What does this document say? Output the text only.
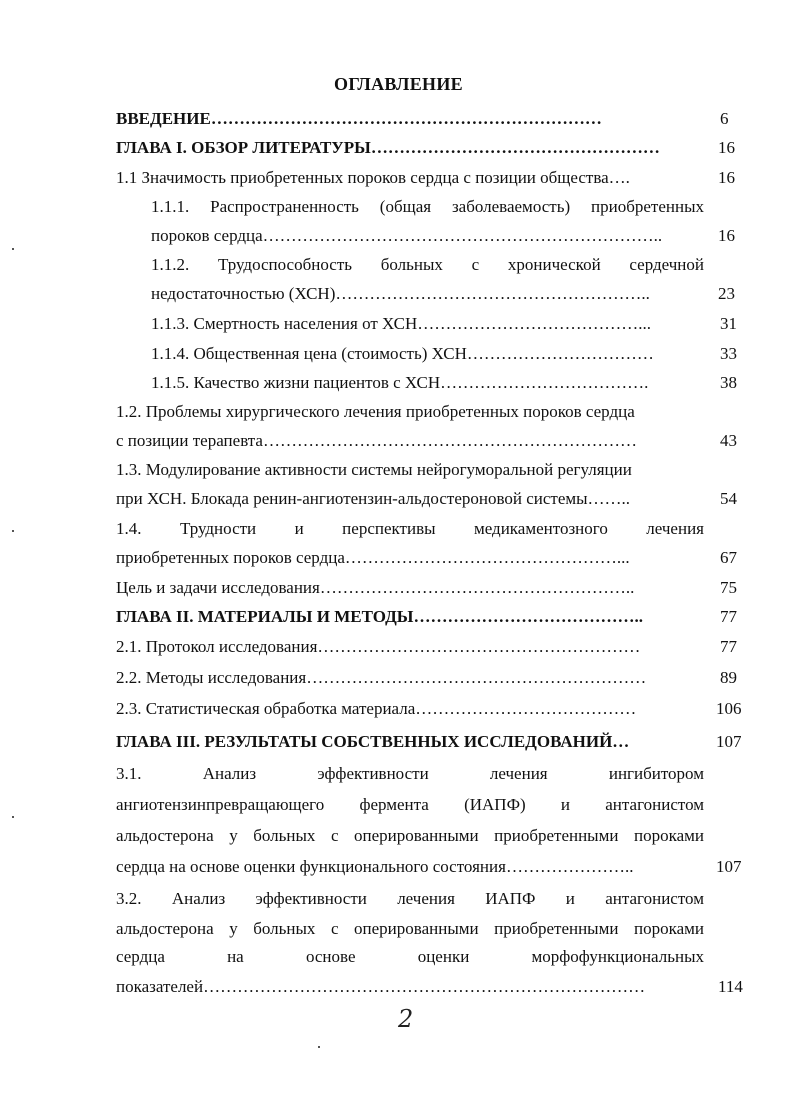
ОГЛАВЛЕНИЕ
ВВЕДЕНИЕ……………………………………………………………	6
ГЛАВА I. ОБЗОР ЛИТЕРАТУРЫ……………………………………………	16
1.1 Значимость приобретенных пороков сердца с позиции общества….	16
1.1.1. Распространенность (общая заболеваемость) приобретенных
пороков сердца……………………………………………………………..	16
1.1.2. Трудоспособность больных с хронической сердечной
недостаточностью (ХСН)………………………………………………..	23
1.1.3. Смертность населения от ХСН…………………………………...	31
1.1.4. Общественная цена (стоимость) ХСН……………………………	33
1.1.5. Качество жизни пациентов с ХСН……………………………….	38
1.2. Проблемы хирургического лечения приобретенных пороков сердца
с позиции терапевта…………………………………………………………	43
1.3. Модулирование активности системы нейрогуморальной регуляции
при ХСН. Блокада ренин-ангиотензин-альдостероновой системы……..	54
1.4. Трудности и перспективы медикаментозного лечения
приобретенных пороков сердца…………………………………………...	67
Цель и задачи исследования………………………………………………..	75
ГЛАВА II. МАТЕРИАЛЫ И МЕТОДЫ…………………………………..	77
2.1. Протокол исследования…………………………………………………	77
2.2. Методы исследования……………………………………………………	89
2.3. Статистическая обработка материала…………………………………	106
ГЛАВА III. РЕЗУЛЬТАТЫ СОБСТВЕННЫХ ИССЛЕДОВАНИЙ…	107
3.1. Анализ эффективности лечения ингибитором
ангиотензинпревращающего фермента (ИАПФ) и антагонистом
альдостерона у больных с оперированными приобретенными пороками
сердца на основе оценки функционального состояния…………………..	107
3.2. Анализ эффективности лечения ИАПФ и антагонистом
альдостерона у больных с оперированными приобретенными пороками
сердца на основе оценки морфофункциональных
показателей……………………………………………………………………	114
2
